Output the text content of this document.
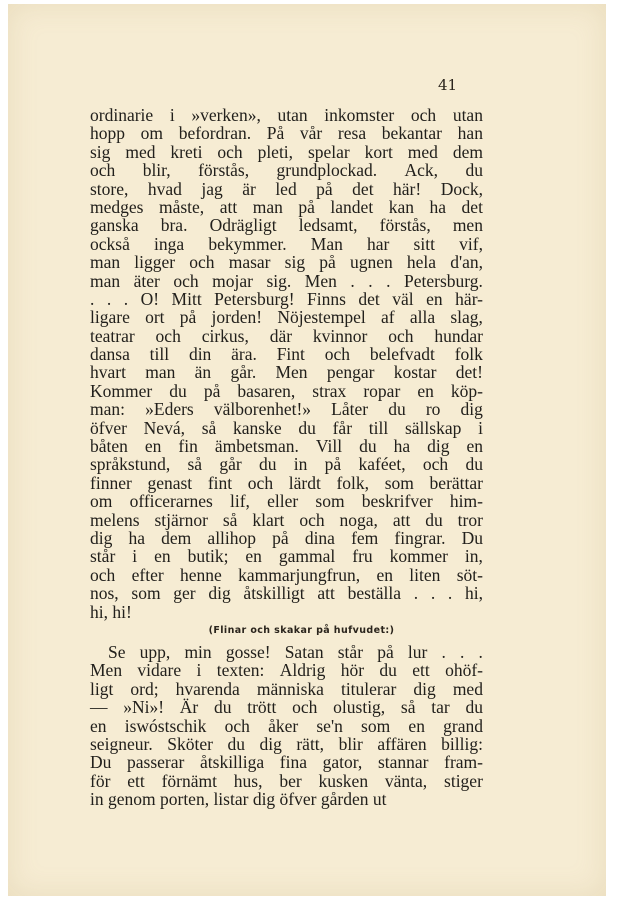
41
ordinarie i »verken», utan inkomster och utan
hopp om befordran. På vår resa bekantar han
sig med kreti och pleti, spelar kort med dem
och blir, förstås, grundplockad. Ack, du
store, hvad jag är led på det här! Dock,
medges måste, att man på landet kan ha det
ganska bra. Odrägligt ledsamt, förstås, men
också inga bekymmer. Man har sitt vif,
man ligger och masar sig på ugnen hela d'an,
man äter och mojar sig. Men . . . Petersburg.
. . . O! Mitt Petersburg! Finns det väl en här-
ligare ort på jorden! Nöjestempel af alla slag,
teatrar och cirkus, där kvinnor och hundar
dansa till din ära. Fint och belefvadt folk
hvart man än går. Men pengar kostar det!
Kommer du på basaren, strax ropar en köp-
man: »Eders välborenhet!» Låter du ro dig
öfver Nevá, så kanske du får till sällskap i
båten en fin ämbetsman. Vill du ha dig en
språkstund, så går du in på kaféet, och du
finner genast fint och lärdt folk, som berättar
om officerarnes lif, eller som beskrifver him-
melens stjärnor så klart och noga, att du tror
dig ha dem allihop på dina fem fingrar. Du
står i en butik; en gammal fru kommer in,
och efter henne kammarjungfrun, en liten söt-
nos, som ger dig åtskilligt att beställa . . . hi,
hi, hi!
(Flinar och skakar på hufvudet:)
Se upp, min gosse! Satan står på lur . . .
Men vidare i texten: Aldrig hör du ett ohöf-
ligt ord; hvarenda människa titulerar dig med
— »Ni»! Är du trött och olustig, så tar du
en iswóstschik och åker se'n som en grand
seigneur. Sköter du dig rätt, blir affären billig:
Du passerar åtskilliga fina gator, stannar fram-
för ett förnämt hus, ber kusken vänta, stiger
in genom porten, listar dig öfver gården ut
